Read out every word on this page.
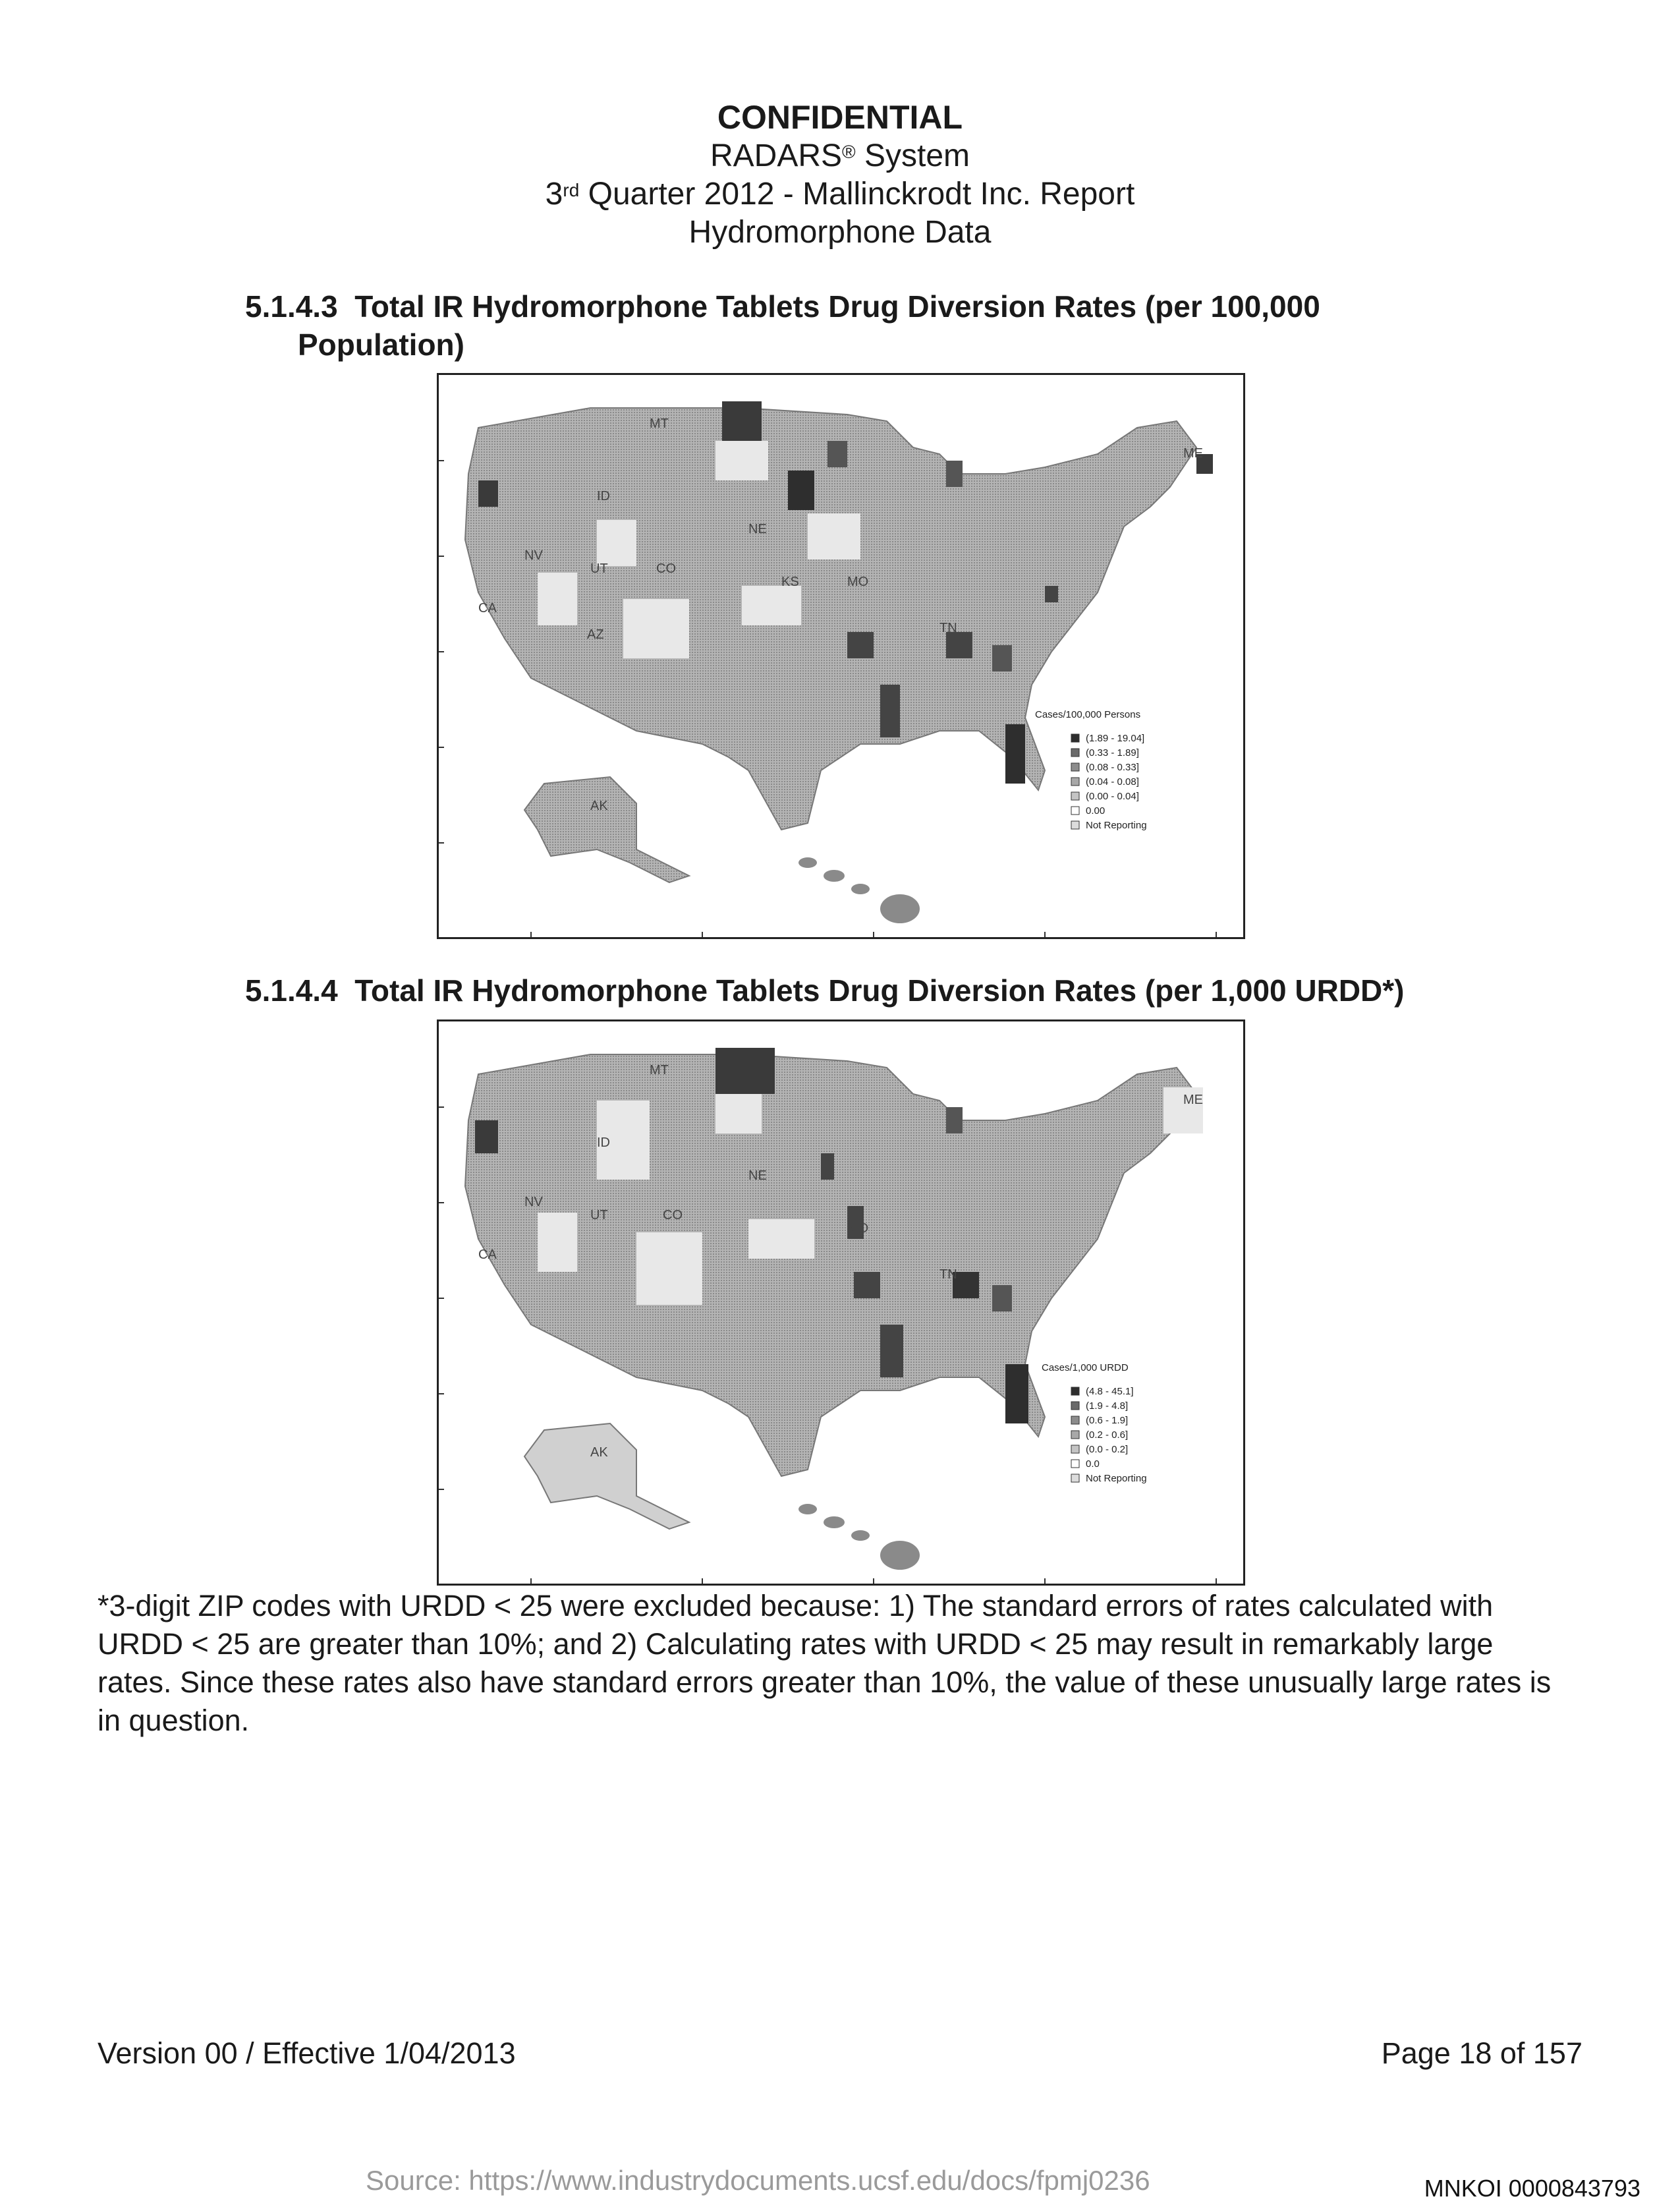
CONFIDENTIAL
RADARS® System
3rd Quarter 2012 - Mallinckrodt Inc. Report
Hydromorphone Data
5.1.4.3 Total IR Hydromorphone Tablets Drug Diversion Rates (per 100,000
Population)
MT
ID
NV
UT	CO
CA
AZ
NE
KS	MO
TN
ME
AK
Cases/100,000 Persons
(1.89 - 19.04]
(0.33 - 1.89]
(0.08 - 0.33]
(0.04 - 0.08]
(0.00 - 0.04]
0.00
Not Reporting
5.1.4.4 Total IR Hydromorphone Tablets Drug Diversion Rates (per 1,000 URDD*)
MT
ID
NV
UT	CO
CA
NE
MO
TN
ME
AK
Cases/1,000 URDD
(4.8 - 45.1]
(1.9 - 4.8]
(0.6 - 1.9]
(0.2 - 0.6]
(0.0 - 0.2]
0.0
Not Reporting
*3-digit ZIP codes with URDD < 25 were excluded because: 1) The standard errors of rates calculated with URDD < 25 are greater than 10%; and 2) Calculating rates with URDD < 25 may result in remarkably large rates. Since these rates also have standard errors greater than 10%, the value of these unusually large rates is in question.
Version 00 / Effective 1/04/2013	Page 18 of 157
Source: https://www.industrydocuments.ucsf.edu/docs/fpmj0236	MNKOI 0000843793
